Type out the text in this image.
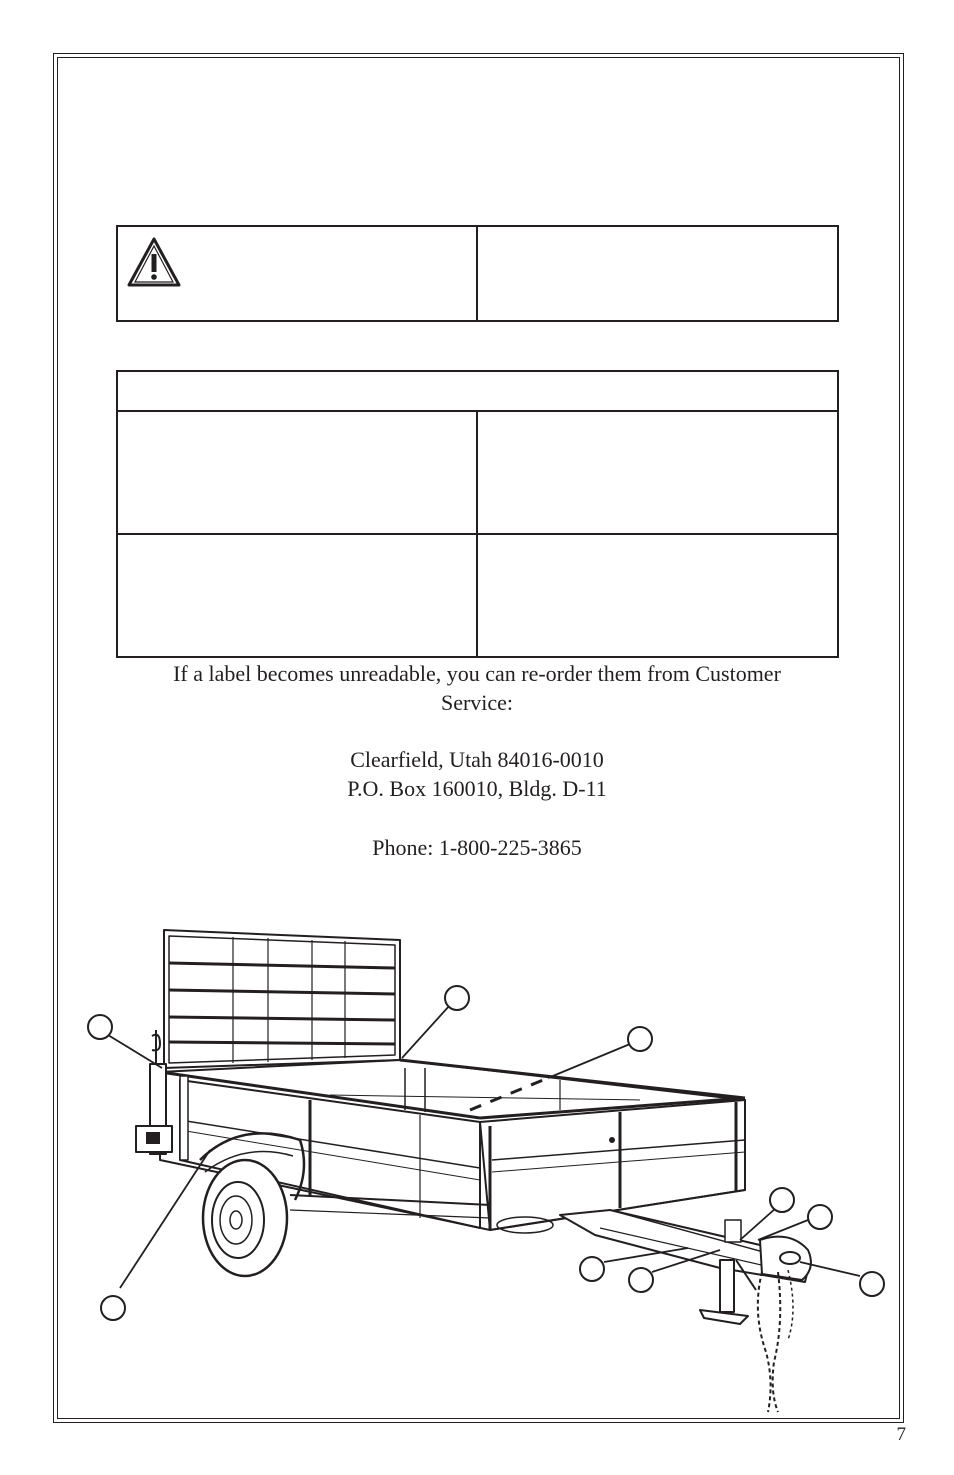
If a label becomes unreadable, you can re-order them from Customer
Service:
Clearfield, Utah 84016-0010
P.O. Box 160010, Bldg. D-11
Phone: 1-800-225-3865
7
